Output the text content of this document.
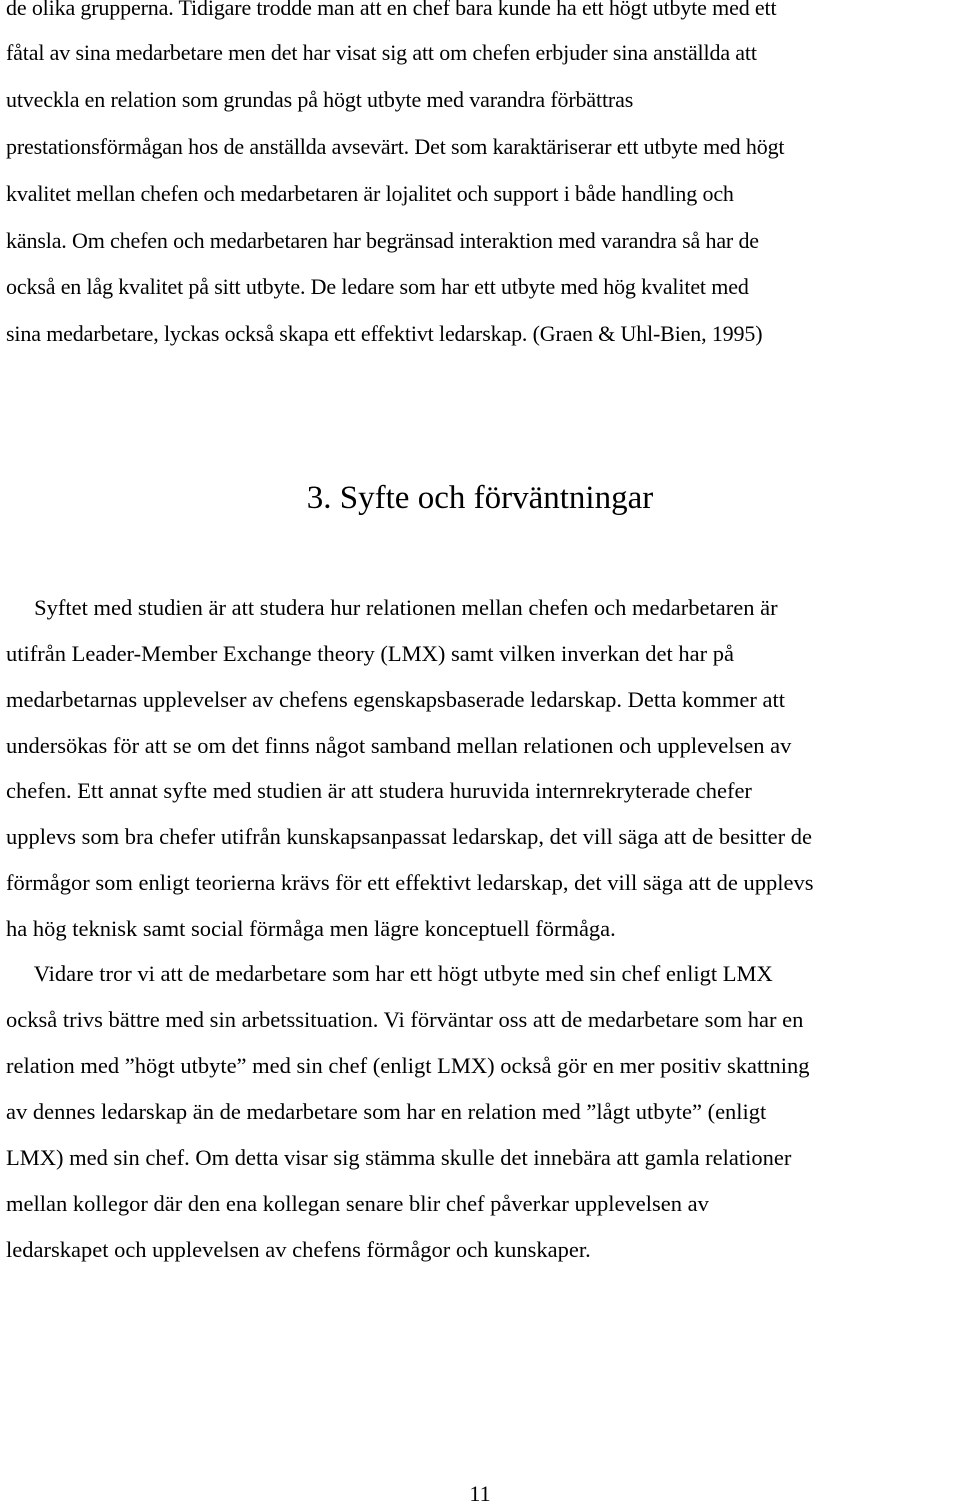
de olika grupperna. Tidigare trodde man att en chef bara kunde ha ett högt utbyte med ett
fåtal av sina medarbetare men det har visat sig att om chefen erbjuder sina anställda att
utveckla en relation som grundas på högt utbyte med varandra förbättras
prestationsförmågan hos de anställda avsevärt. Det som karaktäriserar ett utbyte med högt
kvalitet mellan chefen och medarbetaren är lojalitet och support i både handling och
känsla. Om chefen och medarbetaren har begränsad interaktion med varandra så har de
också en låg kvalitet på sitt utbyte. De ledare som har ett utbyte med hög kvalitet med
sina medarbetare, lyckas också skapa ett effektivt ledarskap. (Graen & Uhl-Bien, 1995)
3. Syfte och förväntningar
Syftet med studien är att studera hur relationen mellan chefen och medarbetaren är
utifrån Leader-Member Exchange theory (LMX) samt vilken inverkan det har på
medarbetarnas upplevelser av chefens egenskapsbaserade ledarskap. Detta kommer att
undersökas för att se om det finns något samband mellan relationen och upplevelsen av
chefen. Ett annat syfte med studien är att studera huruvida internrekryterade chefer
upplevs som bra chefer utifrån kunskapsanpassat ledarskap, det vill säga att de besitter de
förmågor som enligt teorierna krävs för ett effektivt ledarskap, det vill säga att de upplevs
ha hög teknisk samt social förmåga men lägre konceptuell förmåga.
Vidare tror vi att de medarbetare som har ett högt utbyte med sin chef enligt LMX
också trivs bättre med sin arbetssituation. Vi förväntar oss att de medarbetare som har en
relation med ”högt utbyte” med sin chef (enligt LMX) också gör en mer positiv skattning
av dennes ledarskap än de medarbetare som har en relation med ”lågt utbyte” (enligt
LMX) med sin chef. Om detta visar sig stämma skulle det innebära att gamla relationer
mellan kollegor där den ena kollegan senare blir chef påverkar upplevelsen av
ledarskapet och upplevelsen av chefens förmågor och kunskaper.
11
